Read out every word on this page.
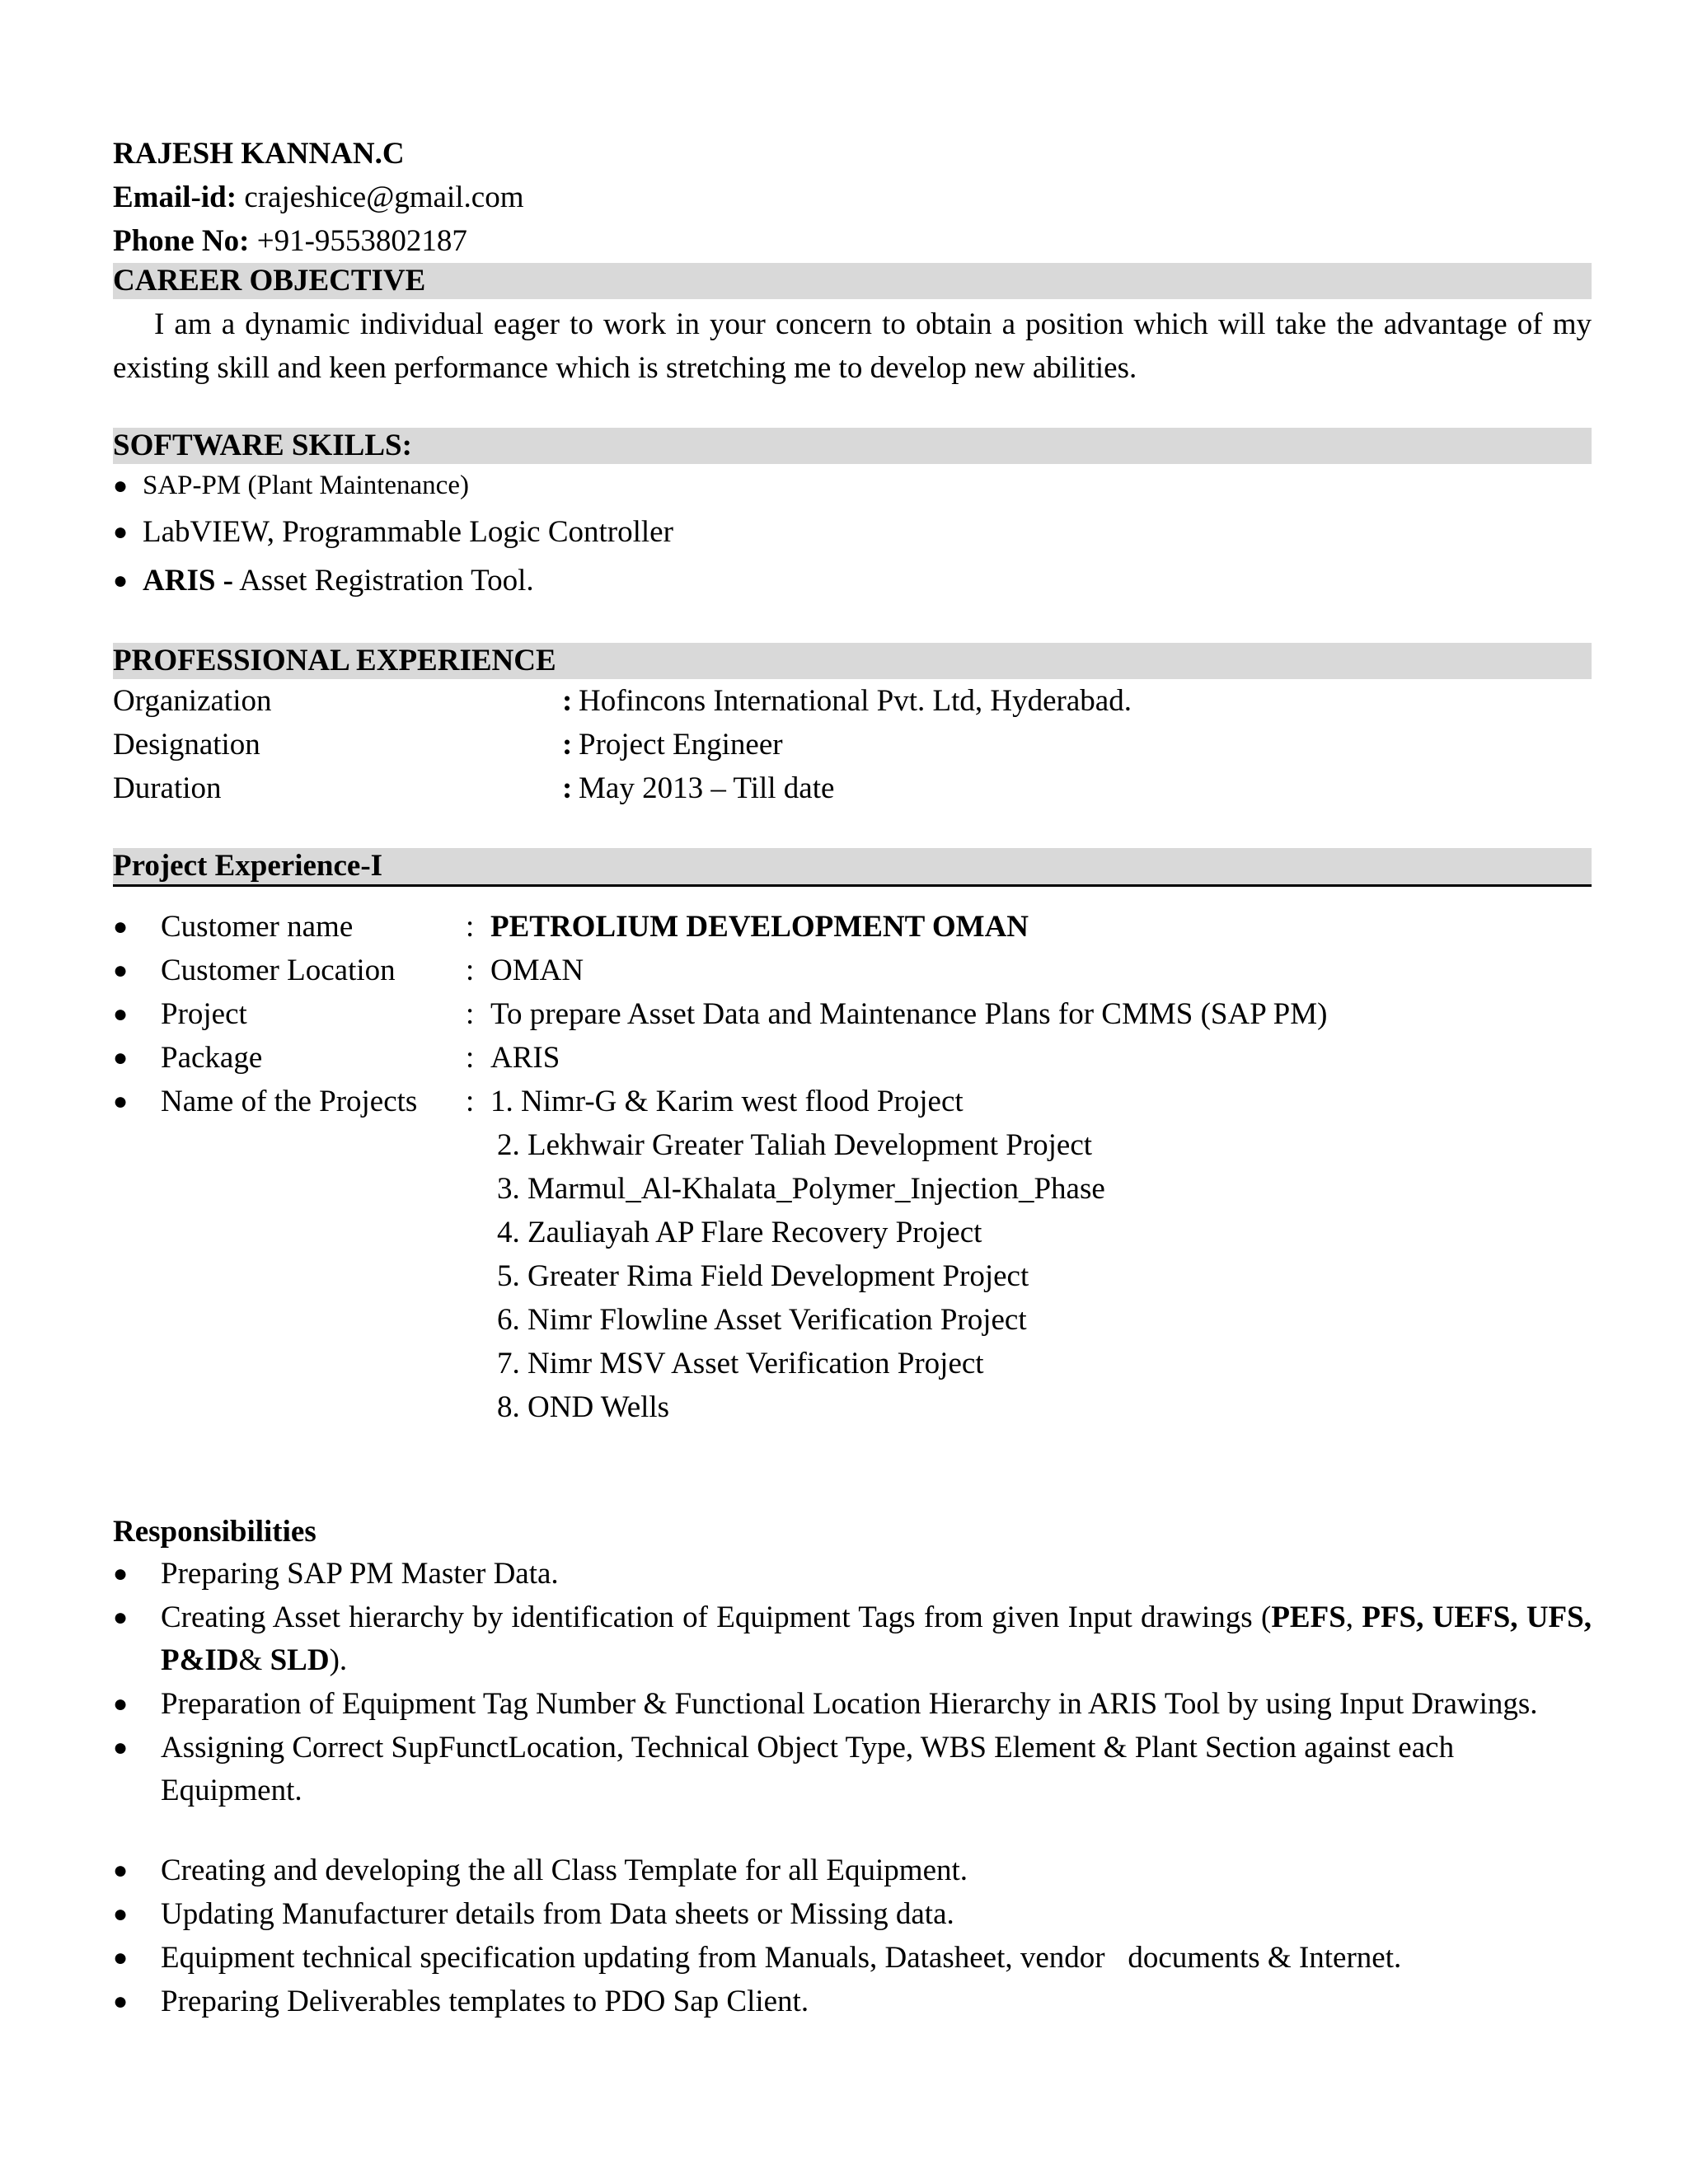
RAJESH KANNAN.C
Email-id: crajeshice@gmail.com
Phone No: +91-9553802187
CAREER OBJECTIVE
I am a dynamic individual eager to work in your concern to obtain a position which will take the advantage of my existing skill and keen performance which is stretching me to develop new abilities.
SOFTWARE SKILLS:
● SAP-PM (Plant Maintenance)
● LabVIEW, Programmable Logic Controller
● ARIS - Asset Registration Tool.
PROFESSIONAL EXPERIENCE
Organization	: Hofincons International Pvt. Ltd, Hyderabad.
Designation	: Project Engineer
Duration	: May 2013 – Till date
Project Experience-I
●	Customer name	: PETROLIUM DEVELOPMENT OMAN
●	Customer Location	: OMAN
●	Project	: To prepare Asset Data and Maintenance Plans for CMMS (SAP PM)
●	Package	: ARIS
●	Name of the Projects	: 1. Nimr-G & Karim west flood Project
2. Lekhwair Greater Taliah Development Project
3. Marmul_Al-Khalata_Polymer_Injection_Phase
4. Zauliayah AP Flare Recovery Project
5. Greater Rima Field Development Project
6. Nimr Flowline Asset Verification Project
7. Nimr MSV Asset Verification Project
8. OND Wells
Responsibilities
●	Preparing SAP PM Master Data.
●	Creating Asset hierarchy by identification of Equipment Tags from given Input drawings (PEFS, PFS, UEFS, UFS, P&ID& SLD).
●	Preparation of Equipment Tag Number & Functional Location Hierarchy in ARIS Tool by using Input Drawings.
●	Assigning Correct SupFunctLocation, Technical Object Type, WBS Element & Plant Section against each Equipment.
●	Creating and developing the all Class Template for all Equipment.
●	Updating Manufacturer details from Data sheets or Missing data.
●	Equipment technical specification updating from Manuals, Datasheet, vendor   documents & Internet.
●	Preparing Deliverables templates to PDO Sap Client.
